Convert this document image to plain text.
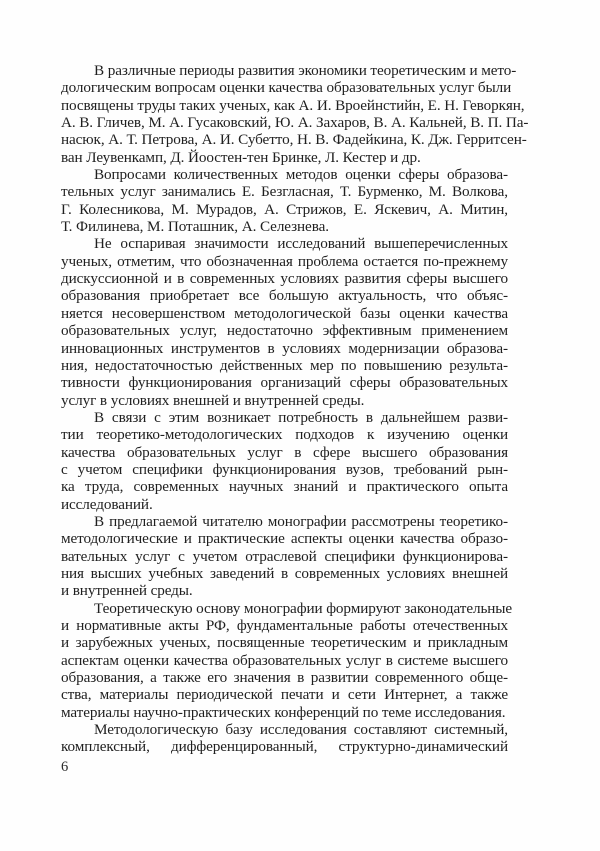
В различные периоды развития экономики теоретическим и мето-
дологическим вопросам оценки качества образовательных услуг были
посвящены труды таких ученых, как А. И. Вроейнстийн, Е. Н. Геворкян,
А. В. Гличев, М. А. Гусаковский, Ю. А. Захаров, В. А. Кальней, В. П. Па-
насюк, А. Т. Петрова, А. И. Субетто, Н. В. Фадейкина, К. Дж. Герритсен-
ван Леувенкамп, Д. Йоостен-тен Бринке, Л. Кестер и др.

Вопросами количественных методов оценки сферы образова-
тельных услуг занимались Е. Безгласная, Т. Бурменко, М. Волкова,
Г. Колесникова, М. Мурадов, А. Стрижов, Е. Яскевич, А. Митин,
Т. Филинева, М. Поташник, А. Селезнева.

Не оспаривая значимости исследований вышеперечисленных
ученых, отметим, что обозначенная проблема остается по-прежнему
дискуссионной и в современных условиях развития сферы высшего
образования приобретает все большую актуальность, что объяс-
няется несовершенством методологической базы оценки качества
образовательных услуг, недостаточно эффективным применением
инновационных инструментов в условиях модернизации образова-
ния, недостаточностью действенных мер по повышению результа-
тивности функционирования организаций сферы образовательных
услуг в условиях внешней и внутренней среды.

В связи с этим возникает потребность в дальнейшем разви-
тии теоретико-методологических подходов к изучению оценки
качества образовательных услуг в сфере высшего образования
с учетом специфики функционирования вузов, требований рын-
ка труда, современных научных знаний и практического опыта
исследований.

В предлагаемой читателю монографии рассмотрены теоретико-
методологические и практические аспекты оценки качества образо-
вательных услуг с учетом отраслевой специфики функционирова-
ния высших учебных заведений в современных условиях внешней
и внутренней среды.

Теоретическую основу монографии формируют законодательные
и нормативные акты РФ, фундаментальные работы отечественных
и зарубежных ученых, посвященные теоретическим и прикладным
аспектам оценки качества образовательных услуг в системе высшего
образования, а также его значения в развитии современного обще-
ства, материалы периодической печати и сети Интернет, а также
материалы научно-практических конференций по теме исследования.

Методологическую базу исследования составляют системный,
комплексный, дифференцированный, структурно-динамический

6
